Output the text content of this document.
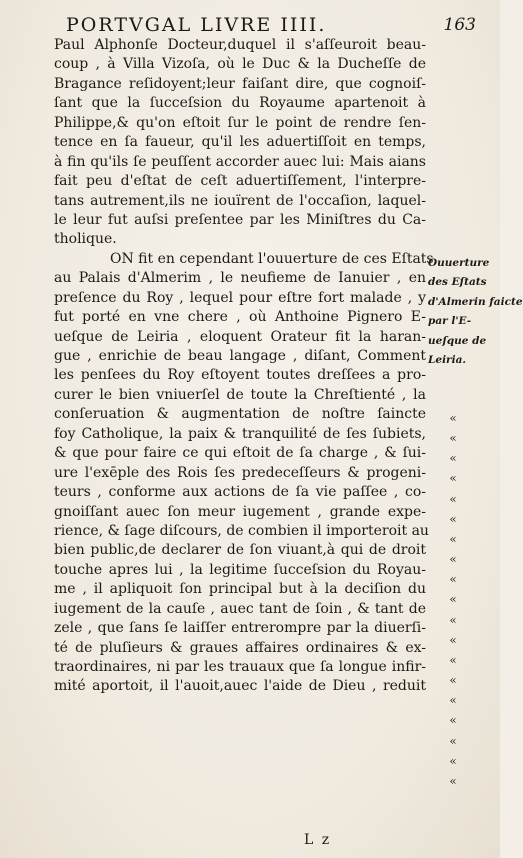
PORTVGAL LIVRE IIII.	163
Paul Alphonſe Docteur,duquel il s'aſſeuroit beau-
coup , à Villa Vizoſa, où le Duc & la Ducheſſe de
Bragance reſidoyent;leur faiſant dire, que cognoiſ-
ſant que la ſucceſsion du Royaume apartenoit à
Philippe,& qu'on eſtoit ſur le point de rendre ſen-
tence en ſa faueur, qu'il les aduertiſſoit en temps,
à fin qu'ils ſe peuſſent accorder auec lui: Mais aians
fait peu d'eſtat de ceſt aduertiſſement, l'interpre-
tans autrement,ils ne iouïrent de l'occaſion, laquel-
le leur fut auſsi preſentee par les Miniſtres du Ca-
tholique.
ON fit en cependant l'ouuerture de ces Eſtats
au Palais d'Almerim , le neufieme de Ianuier , en
preſence du Roy , lequel pour eſtre fort malade , y
fut porté en vne chere , où Anthoine Pignero E-
ueſque de Leiria , eloquent Orateur fit la haran-
gue , enrichie de beau langage , diſant, Comment
les penſees du Roy eſtoyent toutes dreſſees a pro-
curer le bien vniuerſel de toute la Chreſtienté , la
conſeruation & augmentation de noſtre ſaincte
foy Catholique, la paix & tranquilité de ſes ſubiets,
& que pour faire ce qui eſtoit de ſa charge , & ſui-
ure l'exēple des Rois ſes predeceſſeurs & progeni-
teurs , conforme aux actions de ſa vie paſſee , co-
gnoiſſant auec ſon meur iugement , grande expe-
rience, & ſage diſcours, de combien il importeroit au
bien public,de declarer de ſon viuant,à qui de droit
touche apres lui , la legitime ſucceſsion du Royau-
me , il apliquoit ſon principal but à la deciſion du
iugement de la cauſe , auec tant de ſoin , & tant de
zele , que ſans ſe laiſſer entrerompre par la diuerſi-
té de pluſieurs & graues affaires ordinaires & ex-
traordinaires, ni par les trauaux que ſa longue infir-
mité aportoit, il l'auoit,auec l'aide de Dieu , reduit
Ouuerture
des Eſtats
d'Almerin faicte
par l'E-
ueſque de
Leiria.
«
«
«
«
«
«
«
«
«
«
«
«
«
«
«
«
«
«
«
L z
